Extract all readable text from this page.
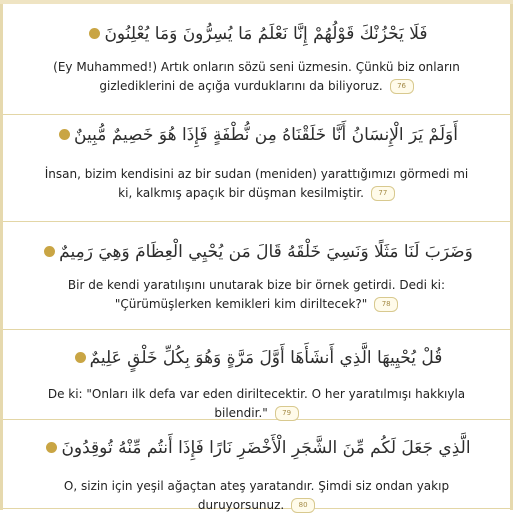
فَلَا يَحْزُنْكَ قَوْلُهُمْ إِنَّا نَعْلَمُ مَا يُسِرُّونَ وَمَا يُعْلِنُونَ
(Ey Muhammed!) Artık onların sözü seni üzmesin. Çünkü biz onların gizlediklerini de açığa vurduklarını da biliyoruz. 76
أَوَلَمْ يَرَ الْإِنسَانُ أَنَّا خَلَقْنَاهُ مِن نُّطْفَةٍ فَإِذَا هُوَ خَصِيمٌ مُّبِينٌ
İnsan, bizim kendisini az bir sudan (meniden) yarattığımızı görmedi mi ki, kalkmış apaçık bir düşman kesilmiştir. 77
وَضَرَبَ لَنَا مَثَلًا وَنَسِيَ خَلْقَهُ قَالَ مَن يُحْيِي الْعِظَامَ وَهِيَ رَمِيمٌ
Bir de kendi yaratılışını unutarak bize bir örnek getirdi. Dedi ki: "Çürümüşlerken kemikleri kim diriltecek?" 78
قُلْ يُحْيِيهَا الَّذِي أَنشَأَهَا أَوَّلَ مَرَّةٍ وَهُوَ بِكُلِّ خَلْقٍ عَلِيمٌ
De ki: "Onları ilk defa var eden diriltecektir. O her yaratılmışı hakkıyla bilendir." 79
الَّذِي جَعَلَ لَكُم مِّنَ الشَّجَرِ الْأَخْضَرِ نَارًا فَإِذَا أَنتُم مِّنْهُ تُوقِدُونَ
O, sizin için yeşil ağaçtan ateş yaratandır. Şimdi siz ondan yakıp duruyorsunuz. 80
